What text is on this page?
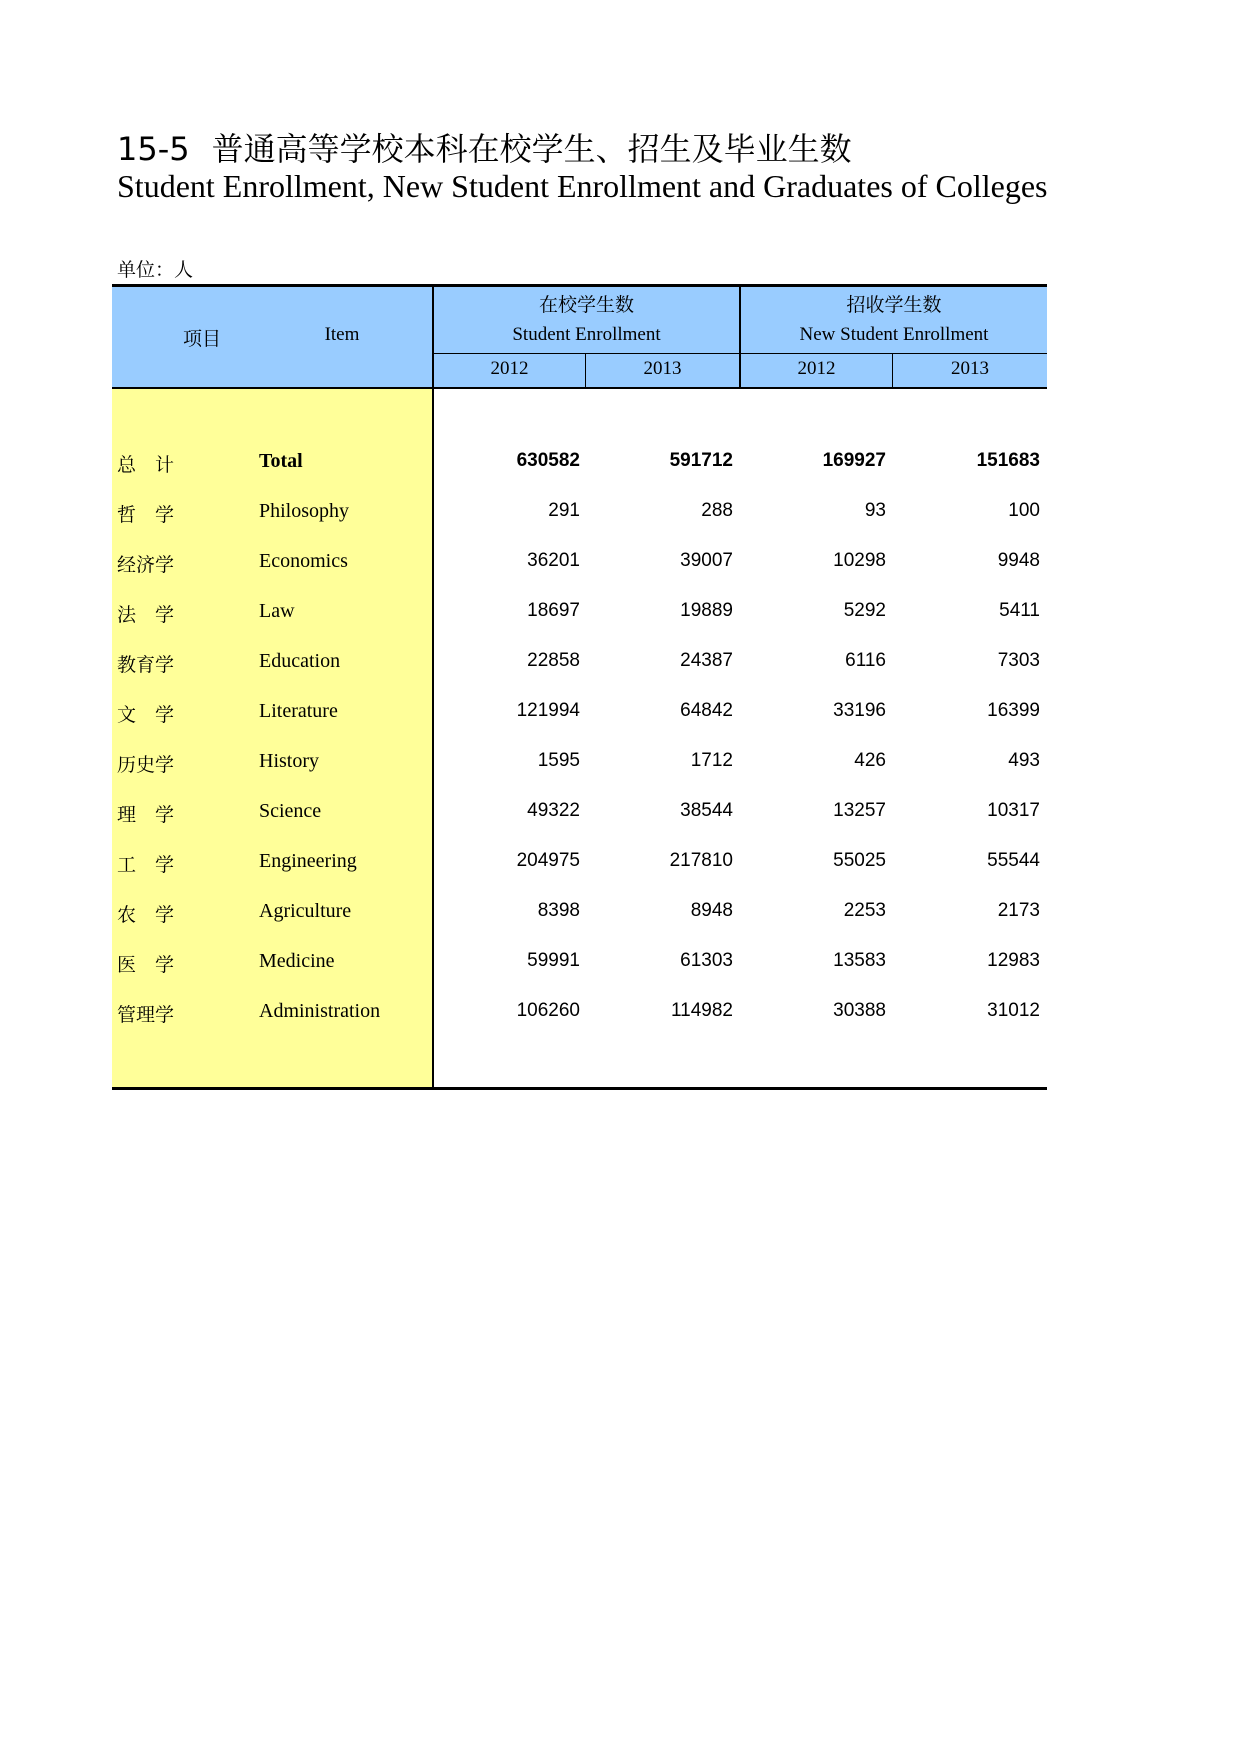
15-5 普通高等学校本科在校学生、招生及毕业生数
Student Enrollment, New Student Enrollment and Graduates of Colleges
单位：人
项目	Item
在校学生数
Student Enrollment
招收学生数
New Student Enrollment
2012	2013	2012	2013
总　计	Total	630582	591712	169927	151683
哲　学	Philosophy	291	288	93	100
经济学	Economics	36201	39007	10298	9948
法　学	Law	18697	19889	5292	5411
教育学	Education	22858	24387	6116	7303
文　学	Literature	121994	64842	33196	16399
历史学	History	1595	1712	426	493
理　学	Science	49322	38544	13257	10317
工　学	Engineering	204975	217810	55025	55544
农　学	Agriculture	8398	8948	2253	2173
医　学	Medicine	59991	61303	13583	12983
管理学	Administration	106260	114982	30388	31012
